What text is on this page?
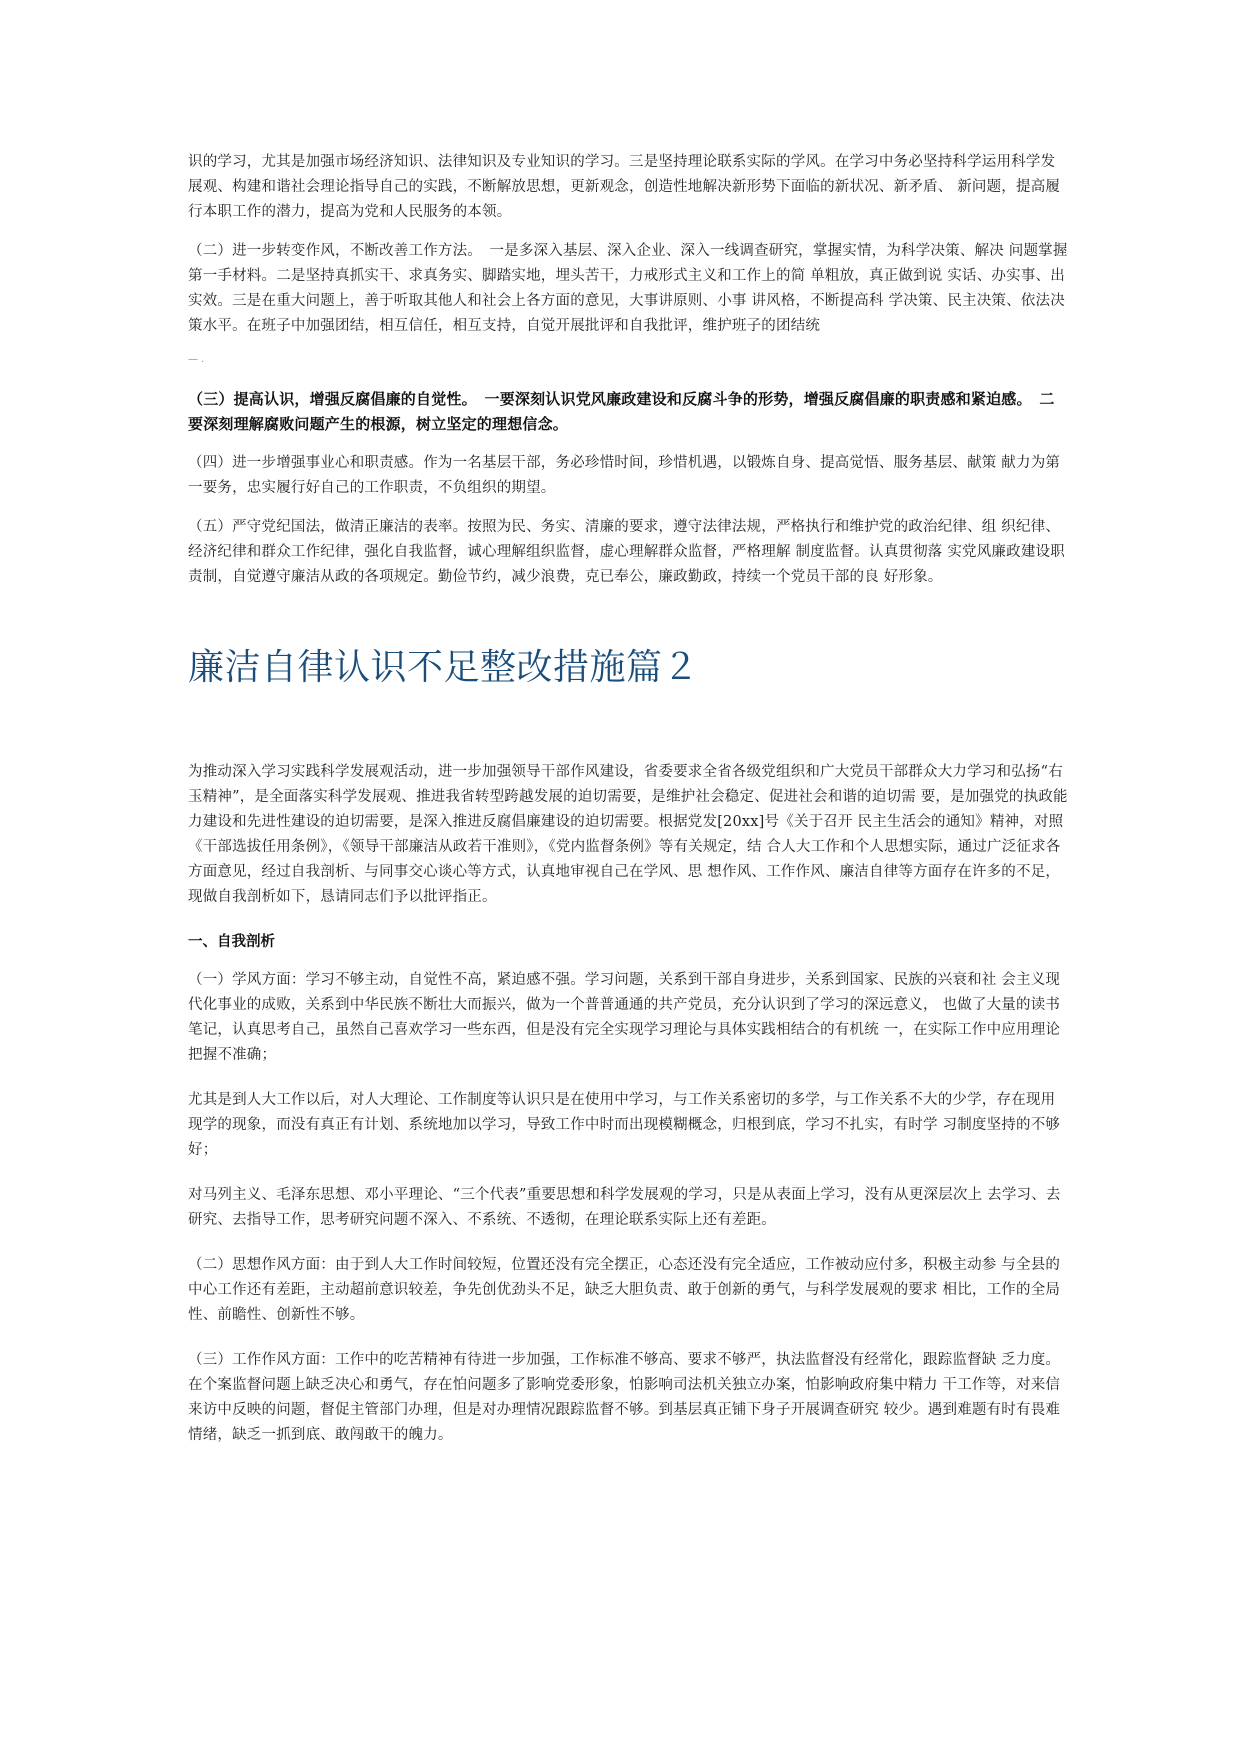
识的学习，尤其是加强市场经济知识、法律知识及专业知识的学习。三是坚持理论联系实际的学风。在学习中务必坚持科学运用科学发展观、构建和谐社会理论指导自己的实践，不断解放思想，更新观念，创造性地解决新形势下面临的新状况、新矛盾、 新问题，提高履行本职工作的潜力，提高为党和人民服务的本领。

（二）进一步转变作风，不断改善工作方法。　一是多深入基层、深入企业、深入一线调查研究，掌握实情，为科学决策、解决 问题掌握第一手材料。二是坚持真抓实干、求真务实、脚踏实地，埋头苦干，力戒形式主义和工作上的简 单粗放，真正做到说 实话、办实事、出实效。三是在重大问题上，善于听取其他人和社会上各方面的意见，大事讲原则、小事 讲风格，不断提高科 学决策、民主决策、依法决策水平。在班子中加强团结，相互信任，相互支持，自觉开展批评和自我批评，维护班子的团结统

— .

（三）提高认识，增强反腐倡廉的自觉性。　一要深刻认识党风廉政建设和反腐斗争的形势，增强反腐倡廉的职责感和紧迫感。　二要深刻理解腐败问题产生的根源，树立坚定的理想信念。

（四）进一步增强事业心和职责感。作为一名基层干部，务必珍惜时间，珍惜机遇，以锻炼自身、提高觉悟、服务基层、献策 献力为第一要务，忠实履行好自己的工作职责，不负组织的期望。

（五）严守党纪国法，做清正廉洁的表率。按照为民、务实、清廉的要求，遵守法律法规，严格执行和维护党的政治纪律、组 织纪律、经济纪律和群众工作纪律，强化自我监督，诚心理解组织监督，虚心理解群众监督，严格理解 制度监督。认真贯彻落 实党风廉政建设职责制，自觉遵守廉洁从政的各项规定。勤俭节约，减少浪费，克已奉公，廉政勤政，持续一个党员干部的良 好形象。

廉洁自律认识不足整改措施篇２

为推动深入学习实践科学发展观活动，进一步加强领导干部作风建设，省委要求全省各级党组织和广大党员干部群众大力学习和弘扬“右玉精神”，是全面落实科学发展观、推进我省转型跨越发展的迫切需要，是维护社会稳定、促进社会和谐的迫切需 要，是加强党的执政能力建设和先进性建设的迫切需要，是深入推进反腐倡廉建设的迫切需要。根据党发[20xx]号《关于召开 民主生活会的通知》精神，对照《干部选拔任用条例》，《领导干部廉洁从政若干准则》，《党内监督条例》等有关规定，结 合人大工作和个人思想实际，通过广泛征求各方面意见，经过自我剖析、与同事交心谈心等方式，认真地审视自己在学风、思 想作风、工作作风、廉洁自律等方面存在许多的不足，现做自我剖析如下，恳请同志们予以批评指正。

一、自我剖析

（一）学风方面：学习不够主动，自觉性不高，紧迫感不强。学习问题，关系到干部自身进步，关系到国家、民族的兴衰和社 会主义现代化事业的成败，关系到中华民族不断壮大而振兴，做为一个普普通通的共产党员，充分认识到了学习的深远意义， 也做了大量的读书笔记，认真思考自己，虽然自己喜欢学习一些东西，但是没有完全实现学习理论与具体实践相结合的有机统 一，在实际工作中应用理论把握不准确；

尤其是到人大工作以后，对人大理论、工作制度等认识只是在使用中学习，与工作关系密切的多学，与工作关系不大的少学，存在现用现学的现象，而没有真正有计划、系统地加以学习，导致工作中时而出现模糊概念，归根到底，学习不扎实，有时学 习制度坚持的不够好；

对马列主义、毛泽东思想、邓小平理论、“三个代表”重要思想和科学发展观的学习，只是从表面上学习，没有从更深层次上 去学习、去研究、去指导工作，思考研究问题不深入、不系统、不透彻，在理论联系实际上还有差距。

（二）思想作风方面：由于到人大工作时间较短，位置还没有完全摆正，心态还没有完全适应，工作被动应付多，积极主动参 与全县的中心工作还有差距，主动超前意识较差，争先创优劲头不足，缺乏大胆负责、敢于创新的勇气，与科学发展观的要求 相比，工作的全局性、前瞻性、创新性不够。

（三）工作作风方面：工作中的吃苦精神有待进一步加强，工作标准不够高、要求不够严，执法监督没有经常化，跟踪监督缺 乏力度。在个案监督问题上缺乏决心和勇气，存在怕问题多了影响党委形象，怕影响司法机关独立办案，怕影响政府集中精力 干工作等，对来信来访中反映的问题，督促主管部门办理，但是对办理情况跟踪监督不够。到基层真正铺下身子开展调查研究 较少。遇到难题有时有畏难情绪，缺乏一抓到底、敢闯敢干的魄力。
